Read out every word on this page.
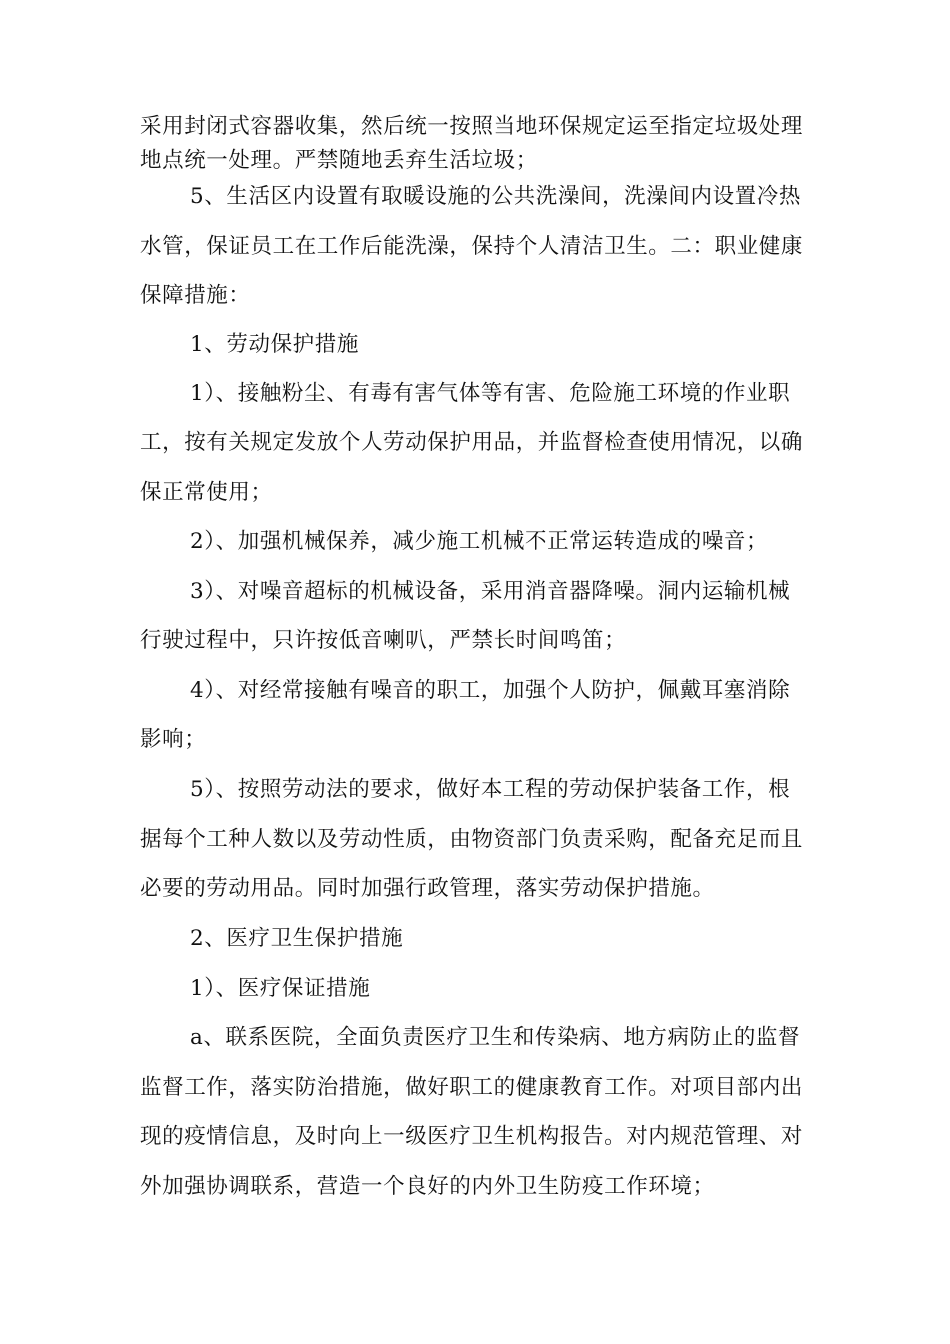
采用封闭式容器收集，然后统一按照当地环保规定运至指定垃圾处理
地点统一处理。严禁随地丢弃生活垃圾；
5、生活区内设置有取暖设施的公共洗澡间，洗澡间内设置冷热
水管，保证员工在工作后能洗澡，保持个人清洁卫生。二：职业健康
保障措施：
1、劳动保护措施
1）、接触粉尘、有毒有害气体等有害、危险施工环境的作业职
工，按有关规定发放个人劳动保护用品，并监督检查使用情况，以确
保正常使用；
2）、加强机械保养，减少施工机械不正常运转造成的噪音；
3）、对噪音超标的机械设备，采用消音器降噪。洞内运输机械
行驶过程中，只许按低音喇叭，严禁长时间鸣笛；
4）、对经常接触有噪音的职工，加强个人防护，佩戴耳塞消除
影响；
5）、按照劳动法的要求，做好本工程的劳动保护装备工作，根
据每个工种人数以及劳动性质，由物资部门负责采购，配备充足而且
必要的劳动用品。同时加强行政管理，落实劳动保护措施。
2、医疗卫生保护措施
1）、医疗保证措施
a、联系医院，全面负责医疗卫生和传染病、地方病防止的监督
监督工作，落实防治措施，做好职工的健康教育工作。对项目部内出
现的疫情信息，及时向上一级医疗卫生机构报告。对内规范管理、对
外加强协调联系，营造一个良好的内外卫生防疫工作环境；
